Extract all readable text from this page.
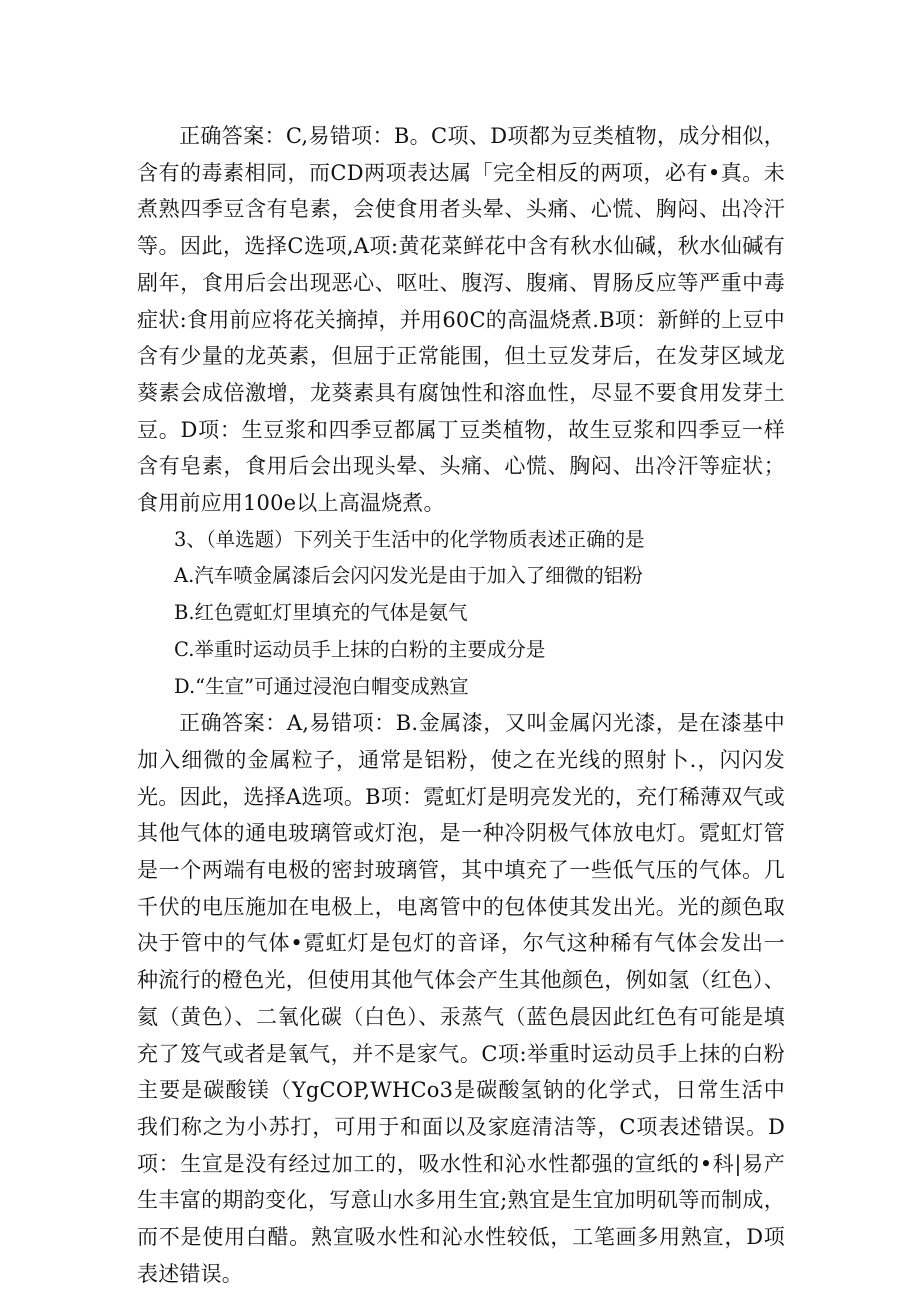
正确答案：C,易错项：B。C项、D项都为豆类植物，成分相似，含有的毒素相同，而CD两项表达属「完全相反的两项，必有•真。未煮熟四季豆含有皂素，会使食用者头晕、头痛、心慌、胸闷、出冷汗等。因此，选择C选项,A项:黄花菜鲜花中含有秋水仙碱，秋水仙碱有剧年，食用后会出现恶心、呕吐、腹泻、腹痛、胃肠反应等严重中毒症状:食用前应将花关摘掉，并用60C的高温烧煮.B项：新鲜的上豆中含有少量的龙英素，但屈于正常能围，但土豆发芽后，在发芽区域龙葵素会成倍激增，龙葵素具有腐蚀性和溶血性，尽显不要食用发芽土豆。D项：生豆浆和四季豆都属丁豆类植物，故生豆浆和四季豆一样含有皂素，食用后会出现头晕、头痛、心慌、胸闷、出冷汗等症状；食用前应用100e以上高温烧煮。

3、（单选题）下列关于生活中的化学物质表述正确的是

A.汽车喷金属漆后会闪闪发光是由于加入了细微的铝粉

B.红色霓虹灯里填充的气体是氨气

C.举重时运动员手上抹的白粉的主要成分是

D.“生宣”可通过浸泡白帽变成熟宣

正确答案：A,易错项：B.金属漆，又叫金属闪光漆，是在漆基中加入细微的金属粒子，通常是铝粉，使之在光线的照射卜.，闪闪发光。因此，选择A选项。B项：霓虹灯是明亮发光的，充仃稀薄双气或其他气体的通电玻璃管或灯泡，是一种冷阴极气体放电灯。霓虹灯管是一个两端有电极的密封玻璃管，其中填充了一些低气压的气体。几千伏的电压施加在电极上，电离管中的包体使其发出光。光的颜色取决于管中的气体•霓虹灯是包灯的音译，尔气这种稀有气体会发出一种流行的橙色光，但使用其他气体会产生其他颜色，例如氢（红色）、氦（黄色）、二氧化碳（白色）、汞蒸气（蓝色晨因此红色有可能是填充了笈气或者是氧气，并不是家气。C项:举重时运动员手上抹的白粉主要是碳酸镁（YgCOP,WHCo3是碳酸氢钠的化学式，日常生活中我们称之为小苏打，可用于和面以及家庭清洁等，C项表述错误。D项：生宣是没有经过加工的，吸水性和沁水性都强的宣纸的•科|易产生丰富的期韵变化，写意山水多用生宜;熟宜是生宜加明矶等而制成，而不是使用白醋。熟宣吸水性和沁水性较低，工笔画多用熟宣，D项表述错误。
